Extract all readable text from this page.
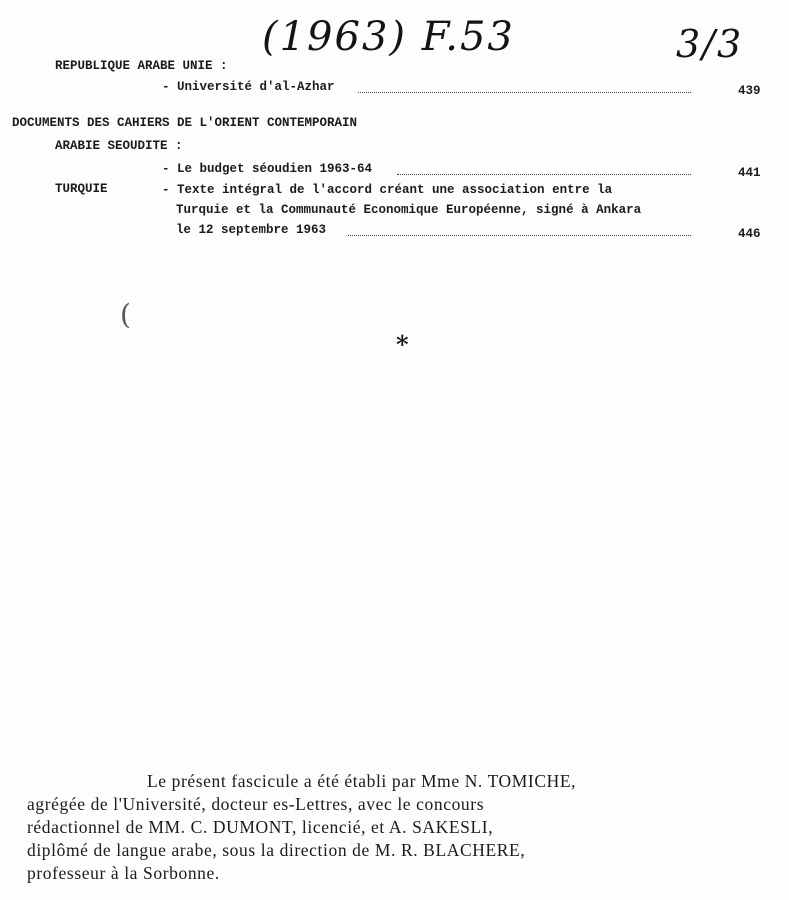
(1963) F.53	3/3
REPUBLIQUE ARABE UNIE :
- Université d'al-Azhar	439
DOCUMENTS DES CAHIERS DE L'ORIENT CONTEMPORAIN
ARABIE SEOUDITE :
- Le budget séoudien 1963-64	441
TURQUIE	- Texte intégral de l'accord créant une association entre la
Turquie et la Communauté Economique Européenne, signé à Ankara
le 12 septembre 1963	446
(
*

Le présent fascicule a été établi par Mme N. TOMICHE,

agrégée de l'Université, docteur es-Lettres, avec le concours

rédactionnel de MM. C. DUMONT, licencié, et A. SAKESLI,

diplômé de langue arabe, sous la direction de M. R. BLACHERE,

professeur à la Sorbonne.
